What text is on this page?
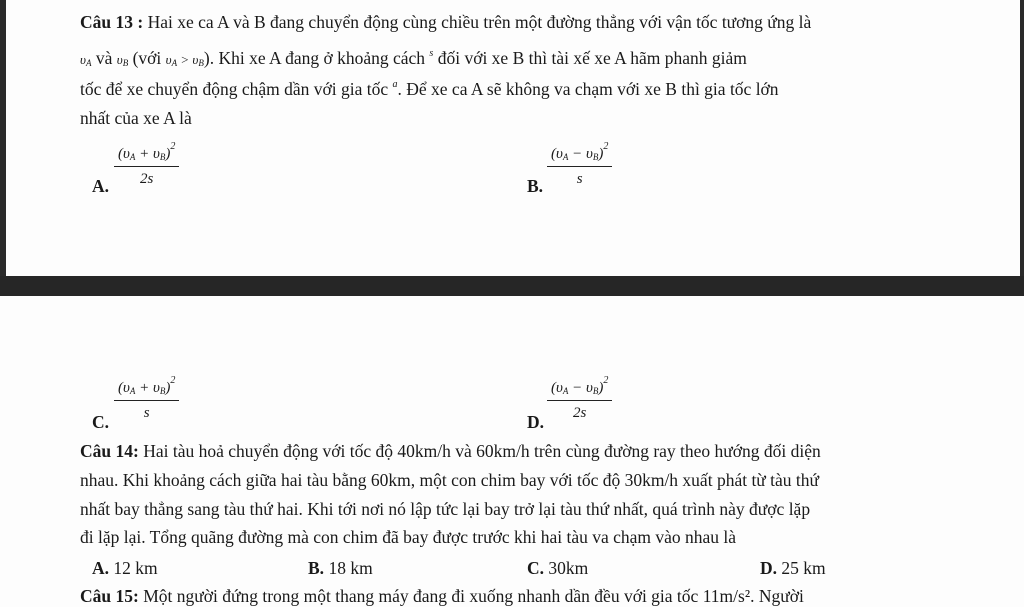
Câu 13 : Hai xe ca A và B đang chuyển động cùng chiều trên một đường thẳng với vận tốc tương ứng là
$\upsilon_A$ và $\upsilon_B$ (với $\upsilon_A > \upsilon_B$). Khi xe A đang ở khoảng cách $^s$ đối với xe B thì tài xế xe A hãm phanh giảm
tốc để xe chuyển động chậm dần với gia tốc $^a$. Để xe ca A sẽ không va chạm với xe B thì gia tốc lớn
nhất của xe A là
A. $\frac{(\upsilon_A + \upsilon_B)^2}{2s}$	B. $\frac{(\upsilon_A - \upsilon_B)^2}{s}$
C. $\frac{(\upsilon_A + \upsilon_B)^2}{s}$	D. $\frac{(\upsilon_A - \upsilon_B)^2}{2s}$
Câu 14: Hai tàu hoả chuyển động với tốc độ 40km/h và 60km/h trên cùng đường ray theo hướng đối diện
nhau. Khi khoảng cách giữa hai tàu bằng 60km, một con chim bay với tốc độ 30km/h xuất phát từ tàu thứ
nhất bay thẳng sang tàu thứ hai. Khi tới nơi nó lập tức lại bay trở lại tàu thứ nhất, quá trình này được lặp
đi lặp lại. Tổng quãng đường mà con chim đã bay được trước khi hai tàu va chạm vào nhau là
A. 12 km	B. 18 km	C. 30km	D. 25 km
Câu 15: Một người đứng trong một thang máy đang đi xuống nhanh dần đều với gia tốc 11m/s². Người
